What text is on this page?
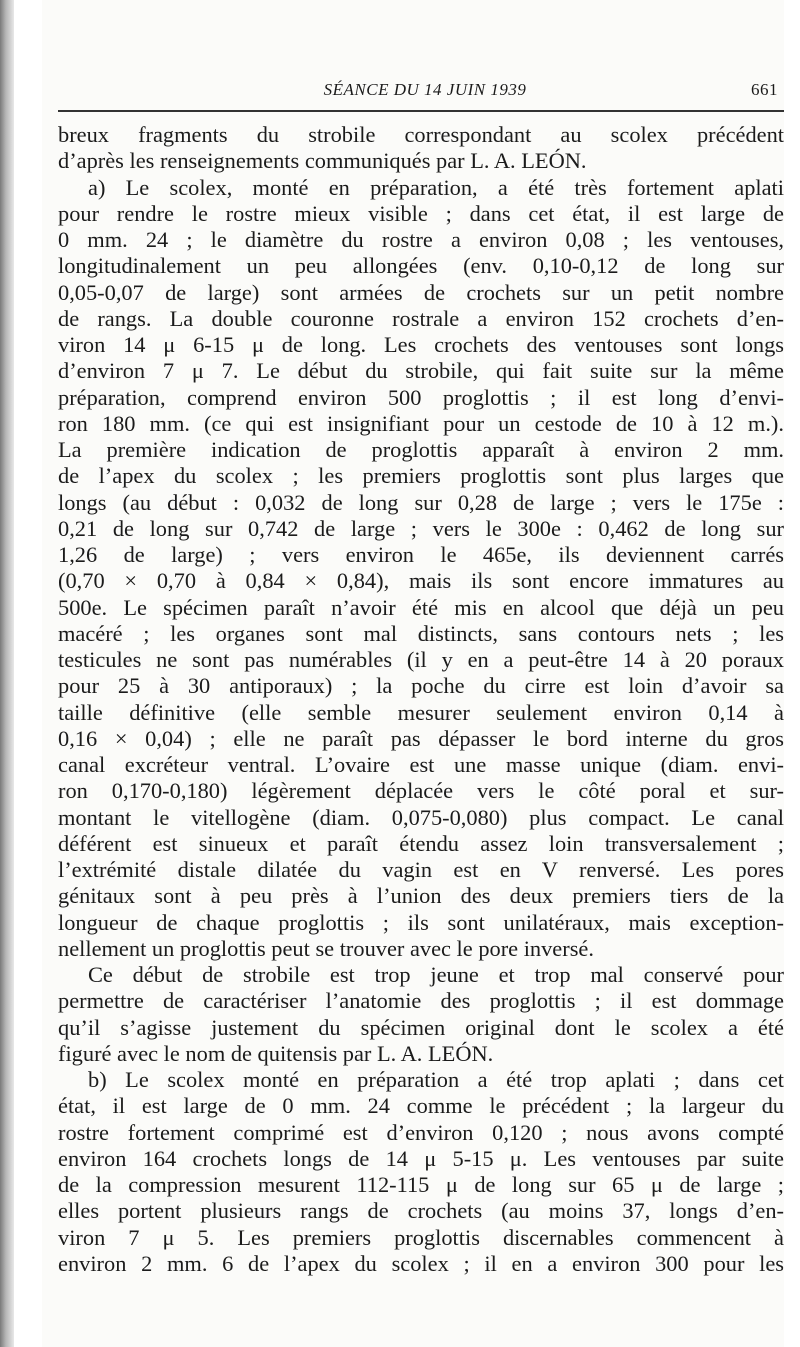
SÉANCE DU 14 JUIN 1939	661
breux fragments du strobile correspondant au scolex précédent
d’après les renseignements communiqués par L. A. LEÓN.
a) Le scolex, monté en préparation, a été très fortement aplati
pour rendre le rostre mieux visible ; dans cet état, il est large de
0 mm. 24 ; le diamètre du rostre a environ 0,08 ; les ventouses,
longitudinalement un peu allongées (env. 0,10-0,12 de long sur
0,05-0,07 de large) sont armées de crochets sur un petit nombre
de rangs. La double couronne rostrale a environ 152 crochets d’en-
viron 14 μ 6-15 μ de long. Les crochets des ventouses sont longs
d’environ 7 μ 7. Le début du strobile, qui fait suite sur la même
préparation, comprend environ 500 proglottis ; il est long d’envi-
ron 180 mm. (ce qui est insignifiant pour un cestode de 10 à 12 m.).
La première indication de proglottis apparaît à environ 2 mm.
de l’apex du scolex ; les premiers proglottis sont plus larges que
longs (au début : 0,032 de long sur 0,28 de large ; vers le 175e :
0,21 de long sur 0,742 de large ; vers le 300e : 0,462 de long sur
1,26 de large) ; vers environ le 465e, ils deviennent carrés
(0,70 × 0,70 à 0,84 × 0,84), mais ils sont encore immatures au
500e. Le spécimen paraît n’avoir été mis en alcool que déjà un peu
macéré ; les organes sont mal distincts, sans contours nets ; les
testicules ne sont pas numérables (il y en a peut-être 14 à 20 poraux
pour 25 à 30 antiporaux) ; la poche du cirre est loin d’avoir sa
taille définitive (elle semble mesurer seulement environ 0,14 à
0,16 × 0,04) ; elle ne paraît pas dépasser le bord interne du gros
canal excréteur ventral. L’ovaire est une masse unique (diam. envi-
ron 0,170-0,180) légèrement déplacée vers le côté poral et sur-
montant le vitellogène (diam. 0,075-0,080) plus compact. Le canal
déférent est sinueux et paraît étendu assez loin transversalement ;
l’extrémité distale dilatée du vagin est en V renversé. Les pores
génitaux sont à peu près à l’union des deux premiers tiers de la
longueur de chaque proglottis ; ils sont unilatéraux, mais exception-
nellement un proglottis peut se trouver avec le pore inversé.
Ce début de strobile est trop jeune et trop mal conservé pour
permettre de caractériser l’anatomie des proglottis ; il est dommage
qu’il s’agisse justement du spécimen original dont le scolex a été
figuré avec le nom de quitensis par L. A. LEÓN.
b) Le scolex monté en préparation a été trop aplati ; dans cet
état, il est large de 0 mm. 24 comme le précédent ; la largeur du
rostre fortement comprimé est d’environ 0,120 ; nous avons compté
environ 164 crochets longs de 14 μ 5-15 μ. Les ventouses par suite
de la compression mesurent 112-115 μ de long sur 65 μ de large ;
elles portent plusieurs rangs de crochets (au moins 37, longs d’en-
viron 7 μ 5. Les premiers proglottis discernables commencent à
environ 2 mm. 6 de l’apex du scolex ; il en a environ 300 pour les
